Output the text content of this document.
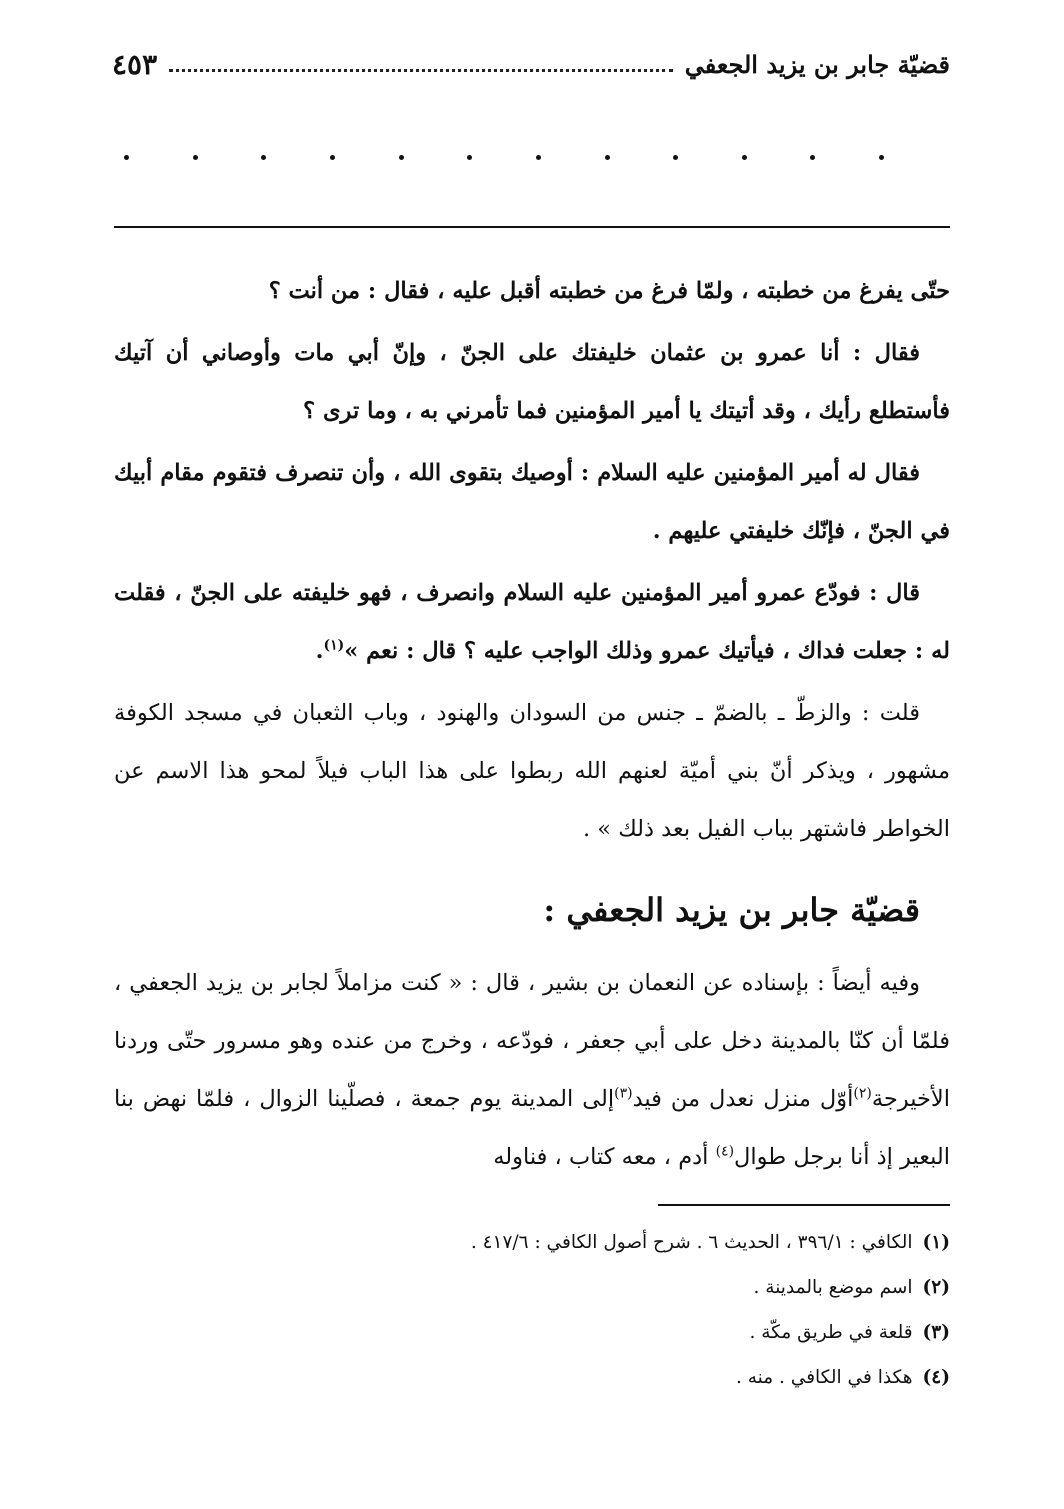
قضيّة جابر بن يزيد الجعفي
٤٥٣

حتّى يفرغ من خطبته ، ولمّا فرغ من خطبته أقبل عليه ، فقال : من أنت ؟

فقال : أنا عمرو بن عثمان خليفتك على الجنّ ، وإنّ أبي مات وأوصاني أن آتيك فأستطلع رأيك ، وقد أتيتك يا أمير المؤمنين فما تأمرني به ، وما ترى ؟

فقال له أمير المؤمنين عليه السلام : أوصيك بتقوى الله ، وأن تنصرف فتقوم مقام أبيك في الجنّ ، فإنّك خليفتي عليهم .

قال : فودّع عمرو أمير المؤمنين عليه السلام وانصرف ، فهو خليفته على الجنّ ، فقلت له : جعلت فداك ، فيأتيك عمرو وذلك الواجب عليه ؟ قال : نعم »$^{(١)}$.

قلت : والزطّ ـ بالضمّ ـ جنس من السودان والهنود ، وباب الثعبان في مسجد الكوفة مشهور ، ويذكر أنّ بني أميّة لعنهم الله ربطوا على هذا الباب فيلاً لمحو هذا الاسم عن الخواطر فاشتهر بباب الفيل بعد ذلك » .

قضيّة جابر بن يزيد الجعفي :

وفيه أيضاً : بإسناده عن النعمان بن بشير ، قال : « كنت مزاملاً لجابر بن يزيد الجعفي ، فلمّا أن كنّا بالمدينة دخل على أبي جعفر ، فودّعه ، وخرج من عنده وهو مسرور حتّى وردنا الأخيرجة$^{(٢)}$أوّل منزل نعدل من فيد$^{(٣)}$إلى المدينة يوم جمعة ، فصلّينا الزوال ، فلمّا نهض بنا البعير إذ أنا برجل طوال$^{(٤)}$ أدم ، معه كتاب ، فناوله

(١)الكافي : ٣٩٦/١ ، الحديث ٦ . شرح أصول الكافي : ٤١٧/٦ .

(٢)اسم موضع بالمدينة .

(٣)قلعة في طريق مكّة .

(٤)هكذا في الكافي . منه .
